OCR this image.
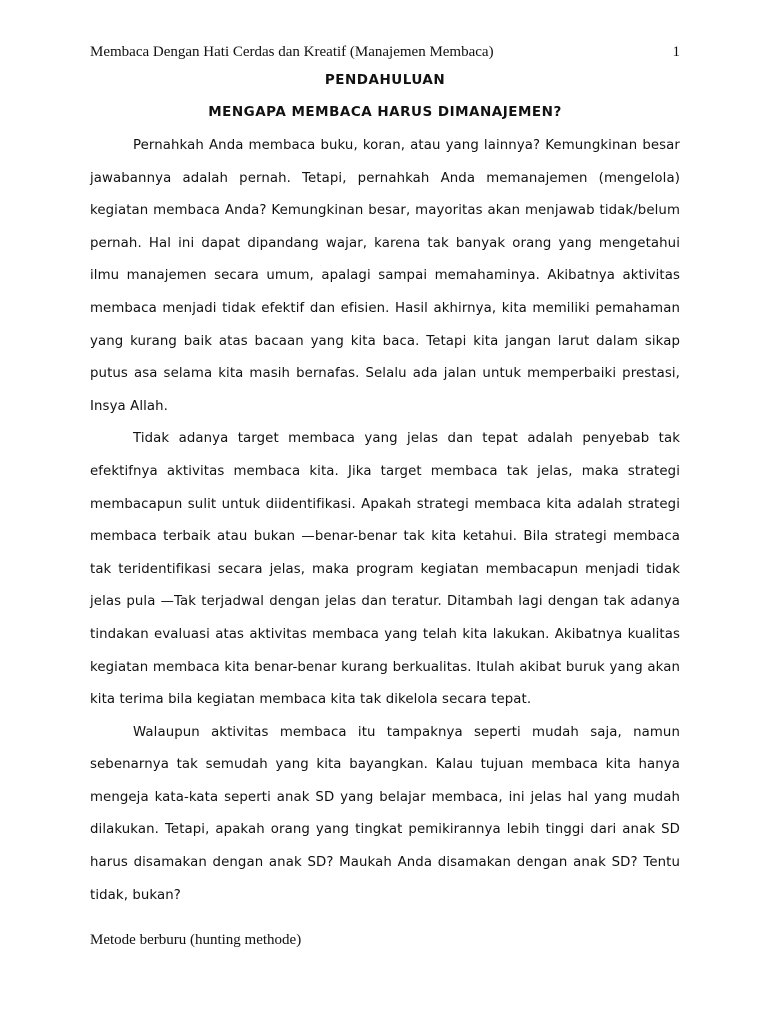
Membaca Dengan Hati Cerdas dan Kreatif (Manajemen Membaca)	1
PENDAHULUAN
MENGAPA MEMBACA HARUS DIMANAJEMEN?

Pernahkah Anda membaca buku, koran, atau yang lainnya? Kemungkinan besar jawabannya adalah pernah. Tetapi, pernahkah Anda memanajemen (mengelola) kegiatan membaca Anda? Kemungkinan besar, mayoritas akan menjawab tidak/belum pernah. Hal ini dapat dipandang wajar, karena tak banyak orang yang mengetahui ilmu manajemen secara umum, apalagi sampai memahaminya. Akibatnya aktivitas membaca menjadi tidak efektif dan efisien. Hasil akhirnya, kita memiliki pemahaman yang kurang baik atas bacaan yang kita baca. Tetapi kita jangan larut dalam sikap putus asa selama kita masih bernafas. Selalu ada jalan untuk memperbaiki prestasi, Insya Allah.

Tidak adanya target membaca yang jelas dan tepat adalah penyebab tak efektifnya aktivitas membaca kita. Jika target membaca tak jelas, maka strategi membacapun sulit untuk diidentifikasi. Apakah strategi membaca kita adalah strategi membaca terbaik atau bukan —benar-benar tak kita ketahui. Bila strategi membaca tak teridentifikasi secara jelas, maka program kegiatan membacapun menjadi tidak jelas pula —Tak terjadwal dengan jelas dan teratur. Ditambah lagi dengan tak adanya tindakan evaluasi atas aktivitas membaca yang telah kita lakukan. Akibatnya kualitas kegiatan membaca kita benar-benar kurang berkualitas. Itulah akibat buruk yang akan kita terima bila kegiatan membaca kita tak dikelola secara tepat.

Walaupun aktivitas membaca itu tampaknya seperti mudah saja, namun sebenarnya tak semudah yang kita bayangkan. Kalau tujuan membaca kita hanya mengeja kata-kata seperti anak SD yang belajar membaca, ini jelas hal yang mudah dilakukan. Tetapi, apakah orang yang tingkat pemikirannya lebih tinggi dari anak SD harus disamakan dengan anak SD? Maukah Anda disamakan dengan anak SD? Tentu tidak, bukan?

Metode berburu (hunting methode)
